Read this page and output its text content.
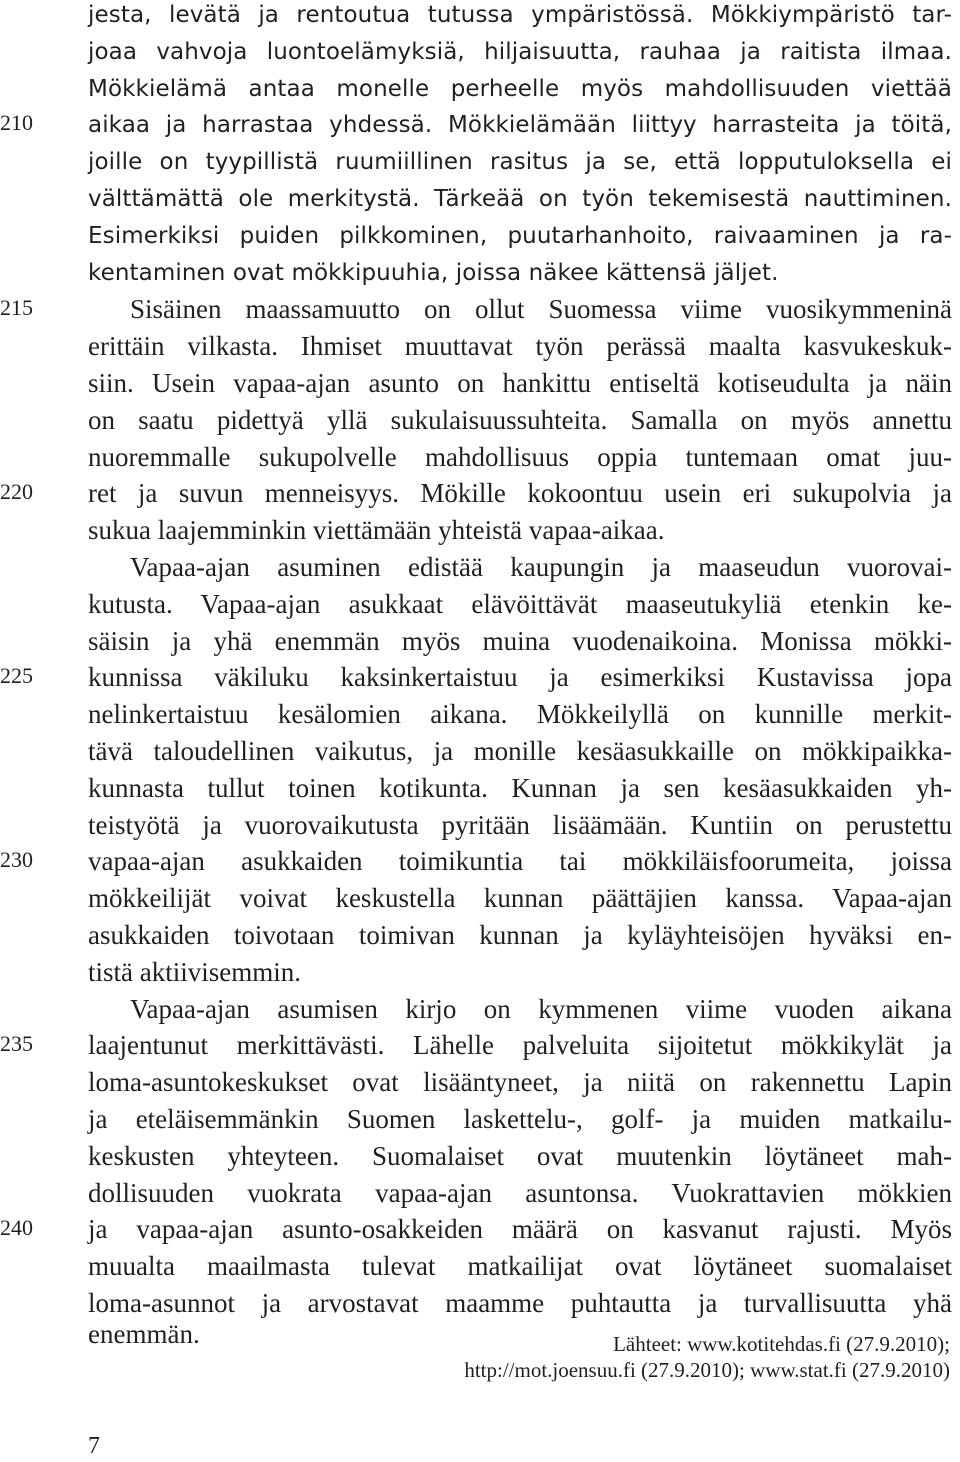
210
215
220
225
230
235
240
jesta, levätä ja rentoutua tutussa ympäristössä. Mökkiympäristö tar-
joaa vahvoja luontoelämyksiä, hiljaisuutta, rauhaa ja raitista ilmaa.
Mökkielämä antaa monelle perheelle myös mahdollisuuden viettää
aikaa ja harrastaa yhdessä. Mökkielämään liittyy harrasteita ja töitä,
joille on tyypillistä ruumiillinen rasitus ja se, että lopputuloksella ei
välttämättä ole merkitystä. Tärkeää on työn tekemisestä nauttiminen.
Esimerkiksi puiden pilkkominen, puutarhanhoito, raivaaminen ja ra-
kentaminen ovat mökkipuuhia, joissa näkee kättensä jäljet.
Sisäinen maassamuutto on ollut Suomessa viime vuosikymmeninä
erittäin vilkasta. Ihmiset muuttavat työn perässä maalta kasvukeskuk-
siin. Usein vapaa-ajan asunto on hankittu entiseltä kotiseudulta ja näin
on saatu pidettyä yllä sukulaisuussuhteita. Samalla on myös annettu
nuoremmalle sukupolvelle mahdollisuus oppia tuntemaan omat juu-
ret ja suvun menneisyys. Mökille kokoontuu usein eri sukupolvia ja
sukua laajemminkin viettämään yhteistä vapaa-aikaa.
Vapaa-ajan asuminen edistää kaupungin ja maaseudun vuorovai-
kutusta. Vapaa-ajan asukkaat elävöittävät maaseutukyliä etenkin ke-
säisin ja yhä enemmän myös muina vuodenaikoina. Monissa mökki-
kunnissa väkiluku kaksinkertaistuu ja esimerkiksi Kustavissa jopa
nelinkertaistuu kesälomien aikana. Mökkeilyllä on kunnille merkit-
tävä taloudellinen vaikutus, ja monille kesäasukkaille on mökkipaikka-
kunnasta tullut toinen kotikunta. Kunnan ja sen kesäasukkaiden yh-
teistyötä ja vuorovaikutusta pyritään lisäämään. Kuntiin on perustettu
vapaa-ajan asukkaiden toimikuntia tai mökkiläisfoorumeita, joissa
mökkeilijät voivat keskustella kunnan päättäjien kanssa. Vapaa-ajan
asukkaiden toivotaan toimivan kunnan ja kyläyhteisöjen hyväksi en-
tistä aktiivisemmin.
Vapaa-ajan asumisen kirjo on kymmenen viime vuoden aikana
laajentunut merkittävästi. Lähelle palveluita sijoitetut mökkikylät ja
loma-asuntokeskukset ovat lisääntyneet, ja niitä on rakennettu Lapin
ja eteläisemmänkin Suomen laskettelu-, golf- ja muiden matkailu-
keskusten yhteyteen. Suomalaiset ovat muutenkin löytäneet mah-
dollisuuden vuokrata vapaa-ajan asuntonsa. Vuokrattavien mökkien
ja vapaa-ajan asunto-osakkeiden määrä on kasvanut rajusti. Myös
muualta maailmasta tulevat matkailijat ovat löytäneet suomalaiset
loma-asunnot ja arvostavat maamme puhtautta ja turvallisuutta yhä
enemmän.	Lähteet: www.kotitehdas.fi (27.9.2010);
http://mot.joensuu.fi (27.9.2010); www.stat.fi (27.9.2010)
7
